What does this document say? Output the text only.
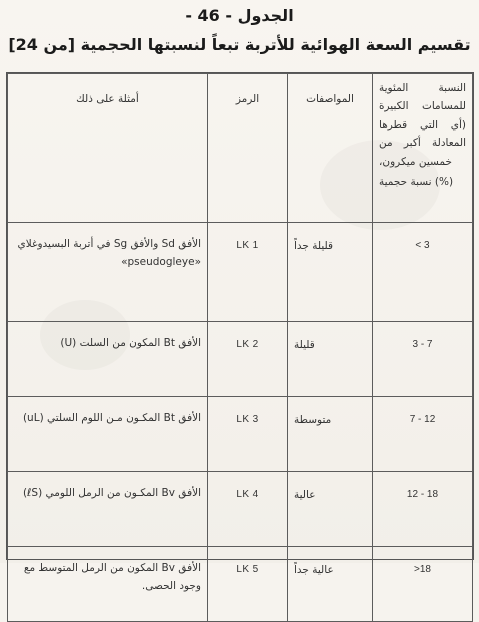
الجدول - 46 -
تقسيم السعة الهوائية للأتربة تبعاً لنسبتها الحجمية [من 24]
النسبة المئوية للمسامات الكبيرة (أي التي قطرها المعادلة أكبر من خمسين ميكرون،
(%) نسبة حجمية	المواصفات	الرمز	أمثلة على ذلك
< 3	قليلة جداً	LK 1	الأفق Sd والأفق Sg في أتربة البسيدوغلاي «pseudogleye»
3 - 7	قليلة	LK 2	الأفق Bt المكون من السلت (U)
7 - 12	متوسطة	LK 3	الأفق Bt المكـون مـن اللوم السلتي (uL)
12 - 18	عالية	LK 4	الأفق Bv المكـون من الرمل اللومي (ℓS)
>18	عالية جداً	LK 5	الأفق Bv المكون من الرمل المتوسط مع وجود الحصى.
